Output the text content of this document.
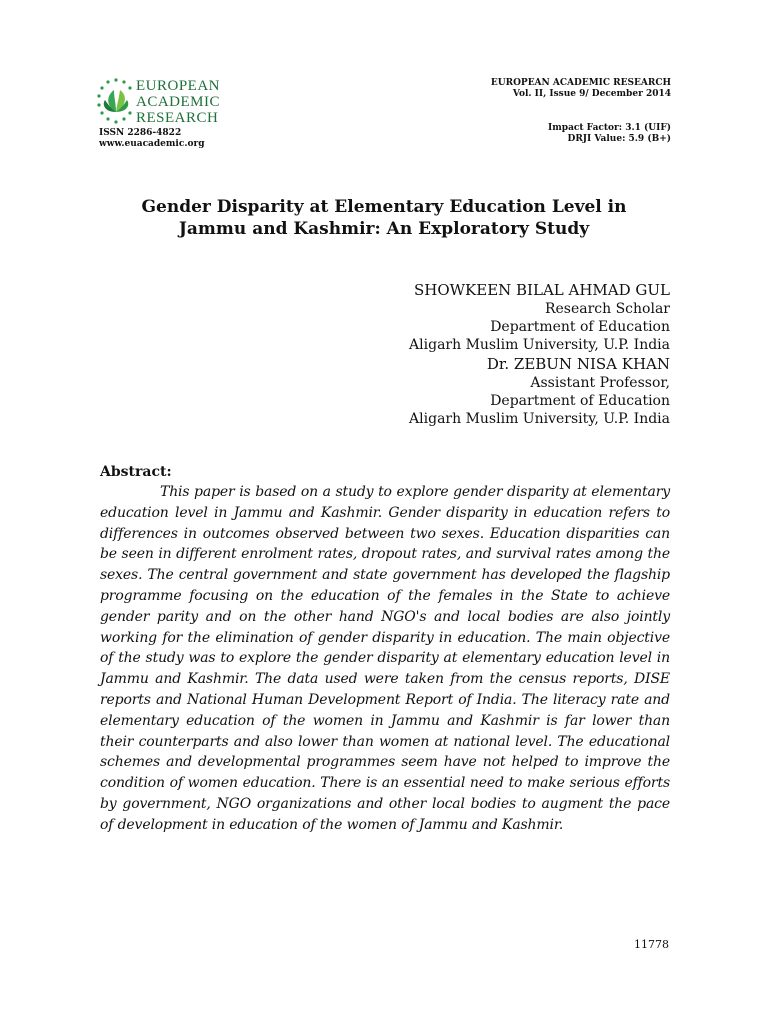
EUROPEAN
ACADEMIC
RESEARCH
ISSN 2286-4822
www.euacademic.org
EUROPEAN ACADEMIC RESEARCH
Vol. II, Issue 9/ December 2014
Impact Factor: 3.1 (UIF)
DRJI Value: 5.9 (B+)
Gender Disparity at Elementary Education Level in
Jammu and Kashmir: An Exploratory Study
SHOWKEEN BILAL AHMAD GUL
Research Scholar
Department of Education
Aligarh Muslim University, U.P. India
Dr. ZEBUN NISA KHAN
Assistant Professor,
Department of Education
Aligarh Muslim University, U.P. India
Abstract:

This paper is based on a study to explore gender disparity at elementary education level in Jammu and Kashmir. Gender disparity in education refers to differences in outcomes observed between two sexes. Education disparities can be seen in different enrolment rates, dropout rates, and survival rates among the sexes. The central government and state government has developed the flagship programme focusing on the education of the females in the State to achieve gender parity and on the other hand NGO's and local bodies are also jointly working for the elimination of gender disparity in education. The main objective of the study was to explore the gender disparity at elementary education level in Jammu and Kashmir. The data used were taken from the census reports, DISE reports and National Human Development Report of India. The literacy rate and elementary education of the women in Jammu and Kashmir is far lower than their counterparts and also lower than women at national level. The educational schemes and developmental programmes seem have not helped to improve the condition of women education. There is an essential need to make serious efforts by government, NGO organizations and other local bodies to augment the pace of development in education of the women of Jammu and Kashmir.

11778
